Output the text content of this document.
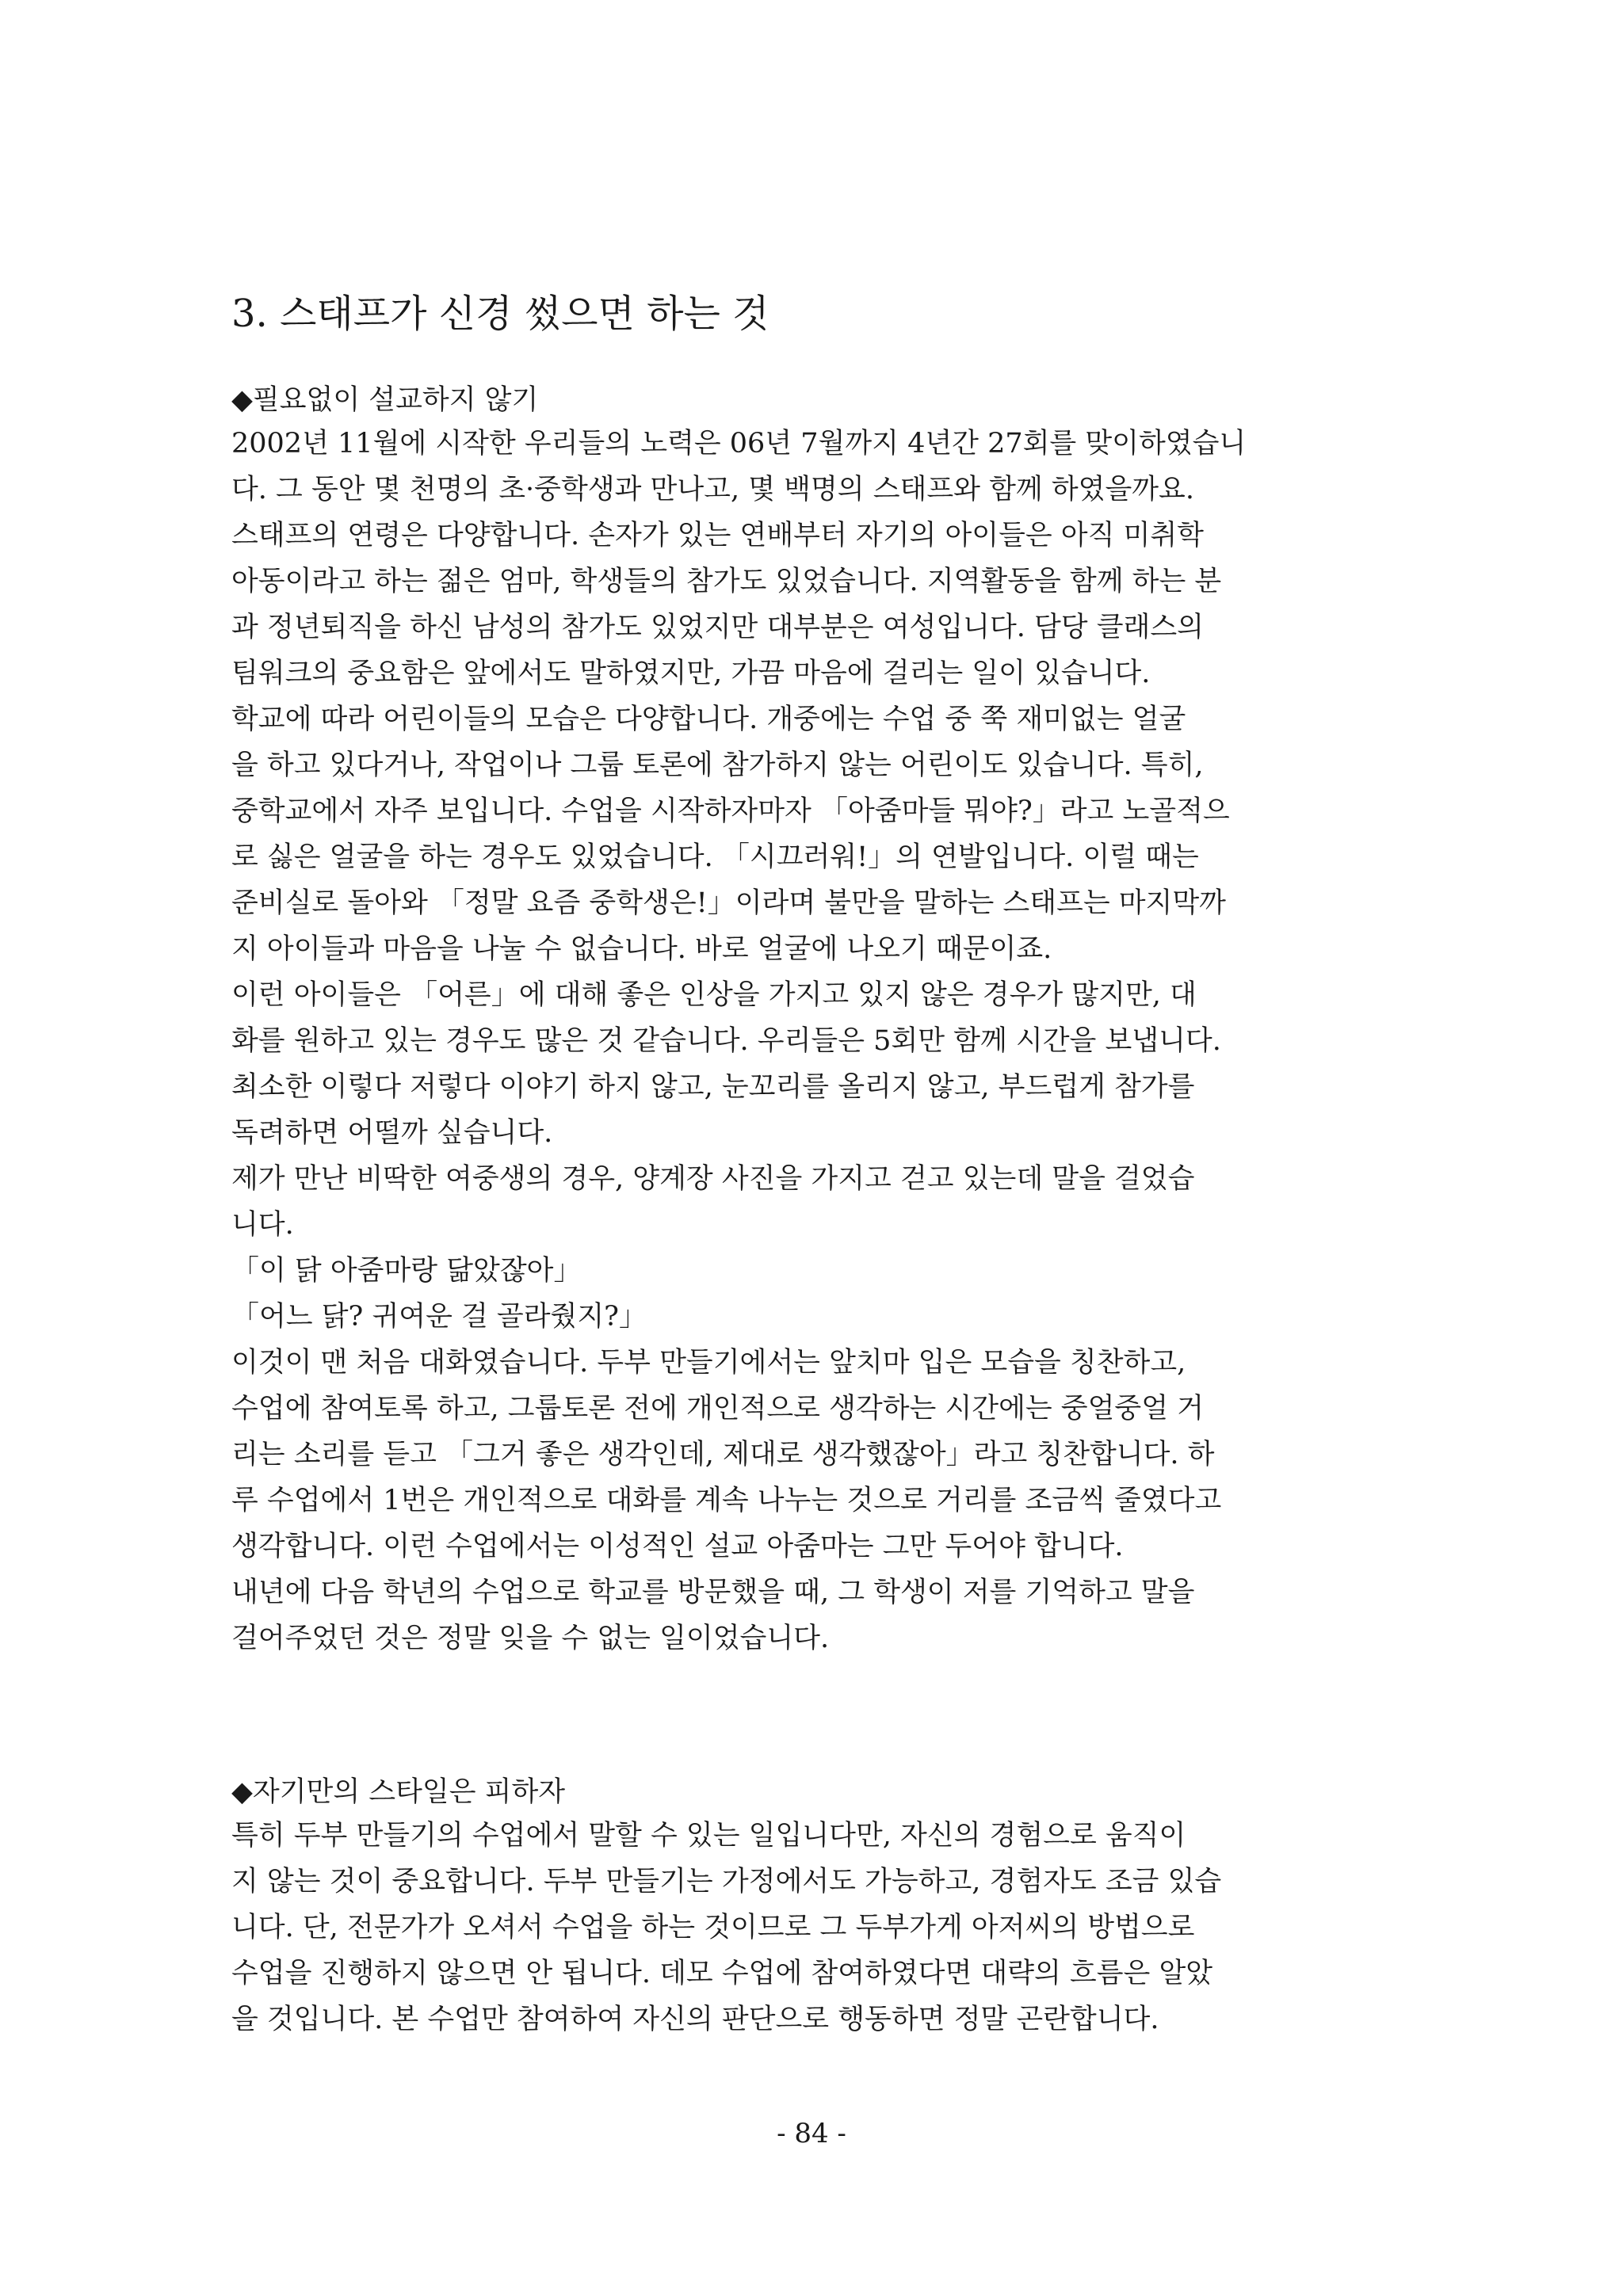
3. 스태프가 신경 썼으면 하는 것
◆필요없이 설교하지 않기
2002년 11월에 시작한 우리들의 노력은 06년 7월까지 4년간 27회를 맞이하였습니
다. 그 동안 몇 천명의 초·중학생과 만나고, 몇 백명의 스태프와 함께 하였을까요.
스태프의 연령은 다양합니다. 손자가 있는 연배부터 자기의 아이들은 아직 미취학
아동이라고 하는 젊은 엄마, 학생들의 참가도 있었습니다. 지역활동을 함께 하는 분
과 정년퇴직을 하신 남성의 참가도 있었지만 대부분은 여성입니다. 담당 클래스의
팀워크의 중요함은 앞에서도 말하였지만, 가끔 마음에 걸리는 일이 있습니다.
학교에 따라 어린이들의 모습은 다양합니다. 개중에는 수업 중 쭉 재미없는 얼굴
을 하고 있다거나, 작업이나 그룹 토론에 참가하지 않는 어린이도 있습니다. 특히,
중학교에서 자주 보입니다. 수업을 시작하자마자 「아줌마들 뭐야?」라고 노골적으
로 싫은 얼굴을 하는 경우도 있었습니다. 「시끄러워!」의 연발입니다. 이럴 때는
준비실로 돌아와 「정말 요즘 중학생은!」이라며 불만을 말하는 스태프는 마지막까
지 아이들과 마음을 나눌 수 없습니다. 바로 얼굴에 나오기 때문이죠.
이런 아이들은 「어른」에 대해 좋은 인상을 가지고 있지 않은 경우가 많지만, 대
화를 원하고 있는 경우도 많은 것 같습니다. 우리들은 5회만 함께 시간을 보냅니다.
최소한 이렇다 저렇다 이야기 하지 않고, 눈꼬리를 올리지 않고, 부드럽게 참가를
독려하면 어떨까 싶습니다.
제가 만난 비딱한 여중생의 경우, 양계장 사진을 가지고 걷고 있는데 말을 걸었습
니다.
「이 닭 아줌마랑 닮았잖아」
「어느 닭? 귀여운 걸 골라줬지?」
이것이 맨 처음 대화였습니다. 두부 만들기에서는 앞치마 입은 모습을 칭찬하고,
수업에 참여토록 하고, 그룹토론 전에 개인적으로 생각하는 시간에는 중얼중얼 거
리는 소리를 듣고 「그거 좋은 생각인데, 제대로 생각했잖아」라고 칭찬합니다. 하
루 수업에서 1번은 개인적으로 대화를 계속 나누는 것으로 거리를 조금씩 줄였다고
생각합니다. 이런 수업에서는 이성적인 설교 아줌마는 그만 두어야 합니다.
내년에 다음 학년의 수업으로 학교를 방문했을 때, 그 학생이 저를 기억하고 말을
걸어주었던 것은 정말 잊을 수 없는 일이었습니다.
◆자기만의 스타일은 피하자
특히 두부 만들기의 수업에서 말할 수 있는 일입니다만, 자신의 경험으로 움직이
지 않는 것이 중요합니다. 두부 만들기는 가정에서도 가능하고, 경험자도 조금 있습
니다. 단, 전문가가 오셔서 수업을 하는 것이므로 그 두부가게 아저씨의 방법으로
수업을 진행하지 않으면 안 됩니다. 데모 수업에 참여하였다면 대략의 흐름은 알았
을 것입니다. 본 수업만 참여하여 자신의 판단으로 행동하면 정말 곤란합니다.
- 84 -
